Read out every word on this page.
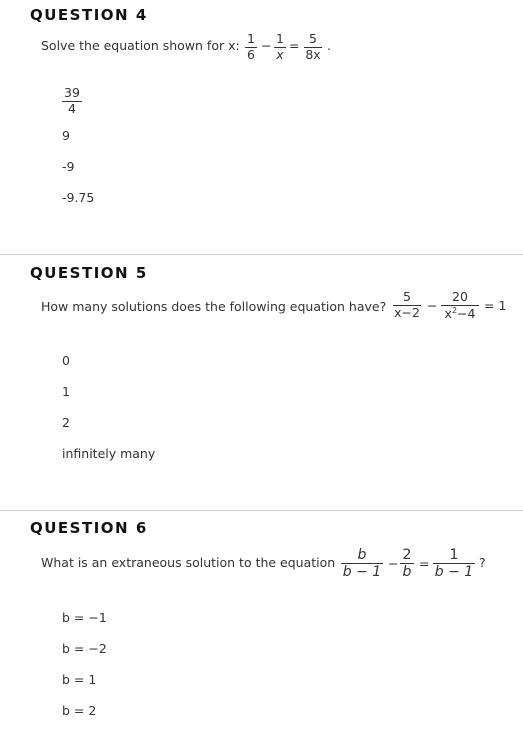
QUESTION 4
Solve the equation shown for x: $\frac{1}{6} - \frac{1}{x} = \frac{5}{8x}$ .
$\frac{39}{4}$
9
-9
-9.75
QUESTION 5
How many solutions does the following equation have? $\frac{5}{x-2} - \frac{20}{x^2-4} = 1$
0
1
2
infinitely many
QUESTION 6
What is an extraneous solution to the equation $\frac{b}{b - 1} - \frac{2}{b} = \frac{1}{b - 1}$ ?
b = −1
b = −2
b = 1
b = 2
